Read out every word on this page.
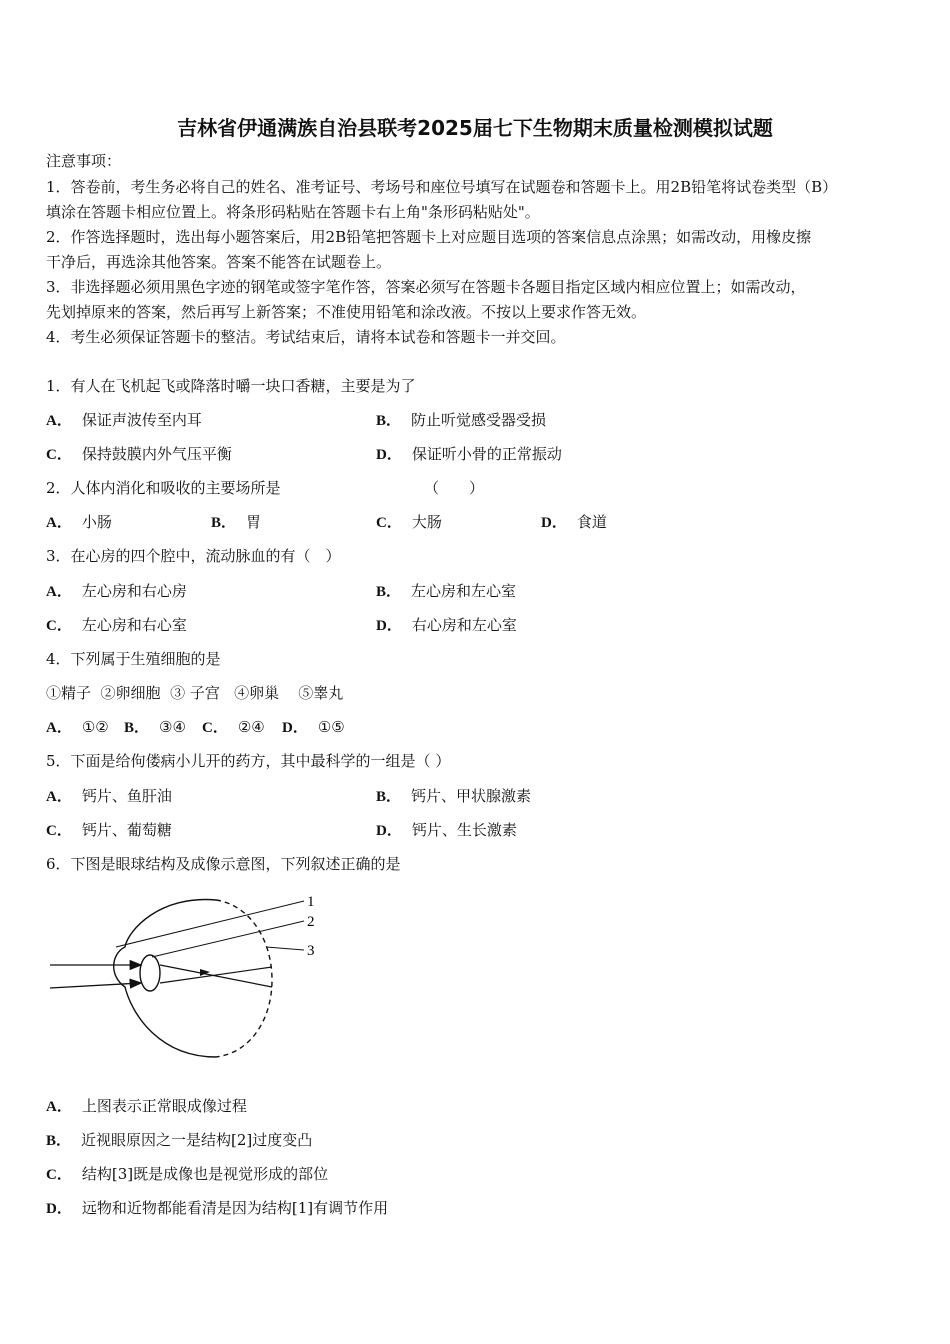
吉林省伊通满族自治县联考2025届七下生物期末质量检测模拟试题
注意事项：
1．答卷前，考生务必将自己的姓名、准考证号、考场号和座位号填写在试题卷和答题卡上。用2B铅笔将试卷类型（B）
填涂在答题卡相应位置上。将条形码粘贴在答题卡右上角"条形码粘贴处"。
2．作答选择题时，选出每小题答案后，用2B铅笔把答题卡上对应题目选项的答案信息点涂黑；如需改动，用橡皮擦
干净后，再选涂其他答案。答案不能答在试题卷上。
3．非选择题必须用黑色字迹的钢笔或签字笔作答，答案必须写在答题卡各题目指定区域内相应位置上；如需改动，
先划掉原来的答案，然后再写上新答案；不准使用铅笔和涂改液。不按以上要求作答无效。
4．考生必须保证答题卡的整洁。考试结束后，请将本试卷和答题卡一并交回。
1．有人在飞机起飞或降落时嚼一块口香糖，主要是为了
A． 保证声波传至内耳	B． 防止听觉感受器受损
C． 保持鼓膜内外气压平衡	D． 保证听小骨的正常振动
2．人体内消化和吸收的主要场所是	（　　）
A． 小肠	B． 胃	C． 大肠	D． 食道
3．在心房的四个腔中，流动脉血的有（　）
A． 左心房和右心房	B． 左心房和左心室
C． 左心房和右心室	D． 右心房和左心室
4．下列属于生殖细胞的是
①精子  ②卵细胞  ③ 子宫   ④卵巢    ⑤睾丸
A． ①② B． ③④ C． ②④ D． ①⑤
5．下面是给佝偻病小儿开的药方，其中最科学的一组是（ ）
A． 钙片、鱼肝油	B． 钙片、甲状腺激素
C． 钙片、葡萄糖	D． 钙片、生长激素
6．下图是眼球结构及成像示意图，下列叙述正确的是
1
2
3
A． 上图表示正常眼成像过程
B． 近视眼原因之一是结构[2]过度变凸
C． 结构[3]既是成像也是视觉形成的部位
D． 远物和近物都能看清是因为结构[1]有调节作用
